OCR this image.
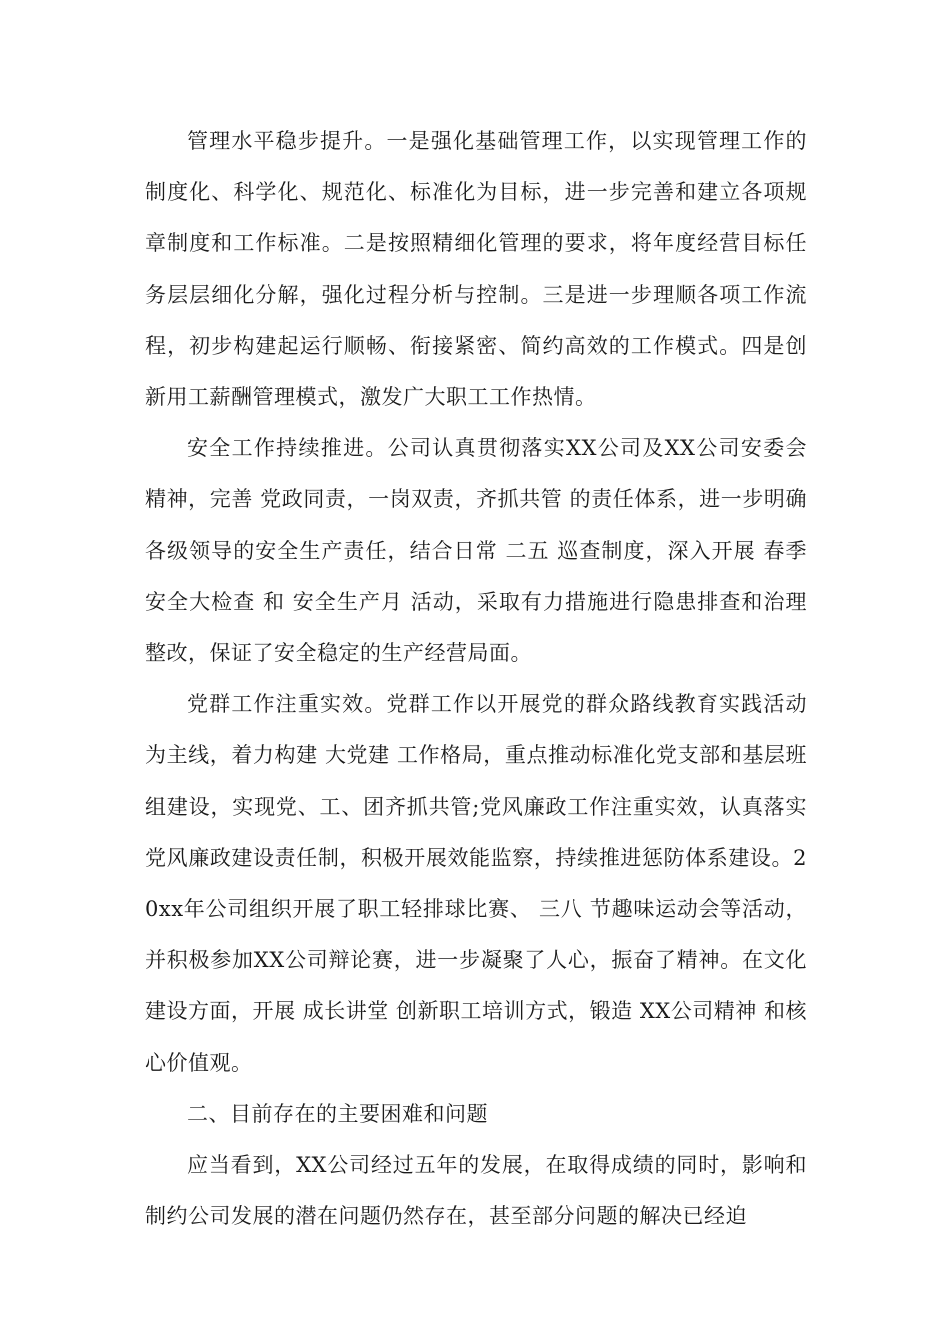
管理水平稳步提升。一是强化基础管理工作，以实现管理工作的制度化、科学化、规范化、标准化为目标，进一步完善和建立各项规章制度和工作标准。二是按照精细化管理的要求，将年度经营目标任务层层细化分解，强化过程分析与控制。三是进一步理顺各项工作流程，初步构建起运行顺畅、衔接紧密、简约高效的工作模式。四是创新用工薪酬管理模式，激发广大职工工作热情。

安全工作持续推进。公司认真贯彻落实XX公司及XX公司安委会精神，完善 党政同责，一岗双责，齐抓共管 的责任体系，进一步明确各级领导的安全生产责任，结合日常 二五 巡查制度，深入开展 春季安全大检查 和 安全生产月 活动，采取有力措施进行隐患排查和治理整改，保证了安全稳定的生产经营局面。

党群工作注重实效。党群工作以开展党的群众路线教育实践活动为主线，着力构建 大党建 工作格局，重点推动标准化党支部和基层班组建设，实现党、工、团齐抓共管;党风廉政工作注重实效，认真落实党风廉政建设责任制，积极开展效能监察，持续推进惩防体系建设。20xx年公司组织开展了职工轻排球比赛、 三八 节趣味运动会等活动，并积极参加XX公司辩论赛，进一步凝聚了人心，振奋了精神。在文化建设方面，开展 成长讲堂 创新职工培训方式，锻造 XX公司精神 和核心价值观。

二、目前存在的主要困难和问题

应当看到，XX公司经过五年的发展，在取得成绩的同时，影响和制约公司发展的潜在问题仍然存在，甚至部分问题的解决已经迫
